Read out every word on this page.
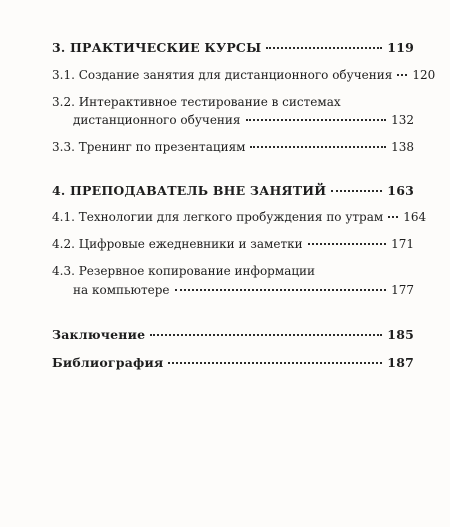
3. ПРАКТИЧЕСКИЕ КУРСЫ	119
3.1. Создание занятия для дистанционного обучения 120
3.2. Интерактивное тестирование в системах
дистанционного обучения	132
3.3. Тренинг по презентациям	138
4. ПРЕПОДАВАТЕЛЬ ВНЕ ЗАНЯТИЙ	163
4.1. Технологии для легкого пробуждения по утрам 164
4.2. Цифровые ежедневники и заметки	171
4.3. Резервное копирование информации
на компьютере	177
Заключение	185
Библиография	187
